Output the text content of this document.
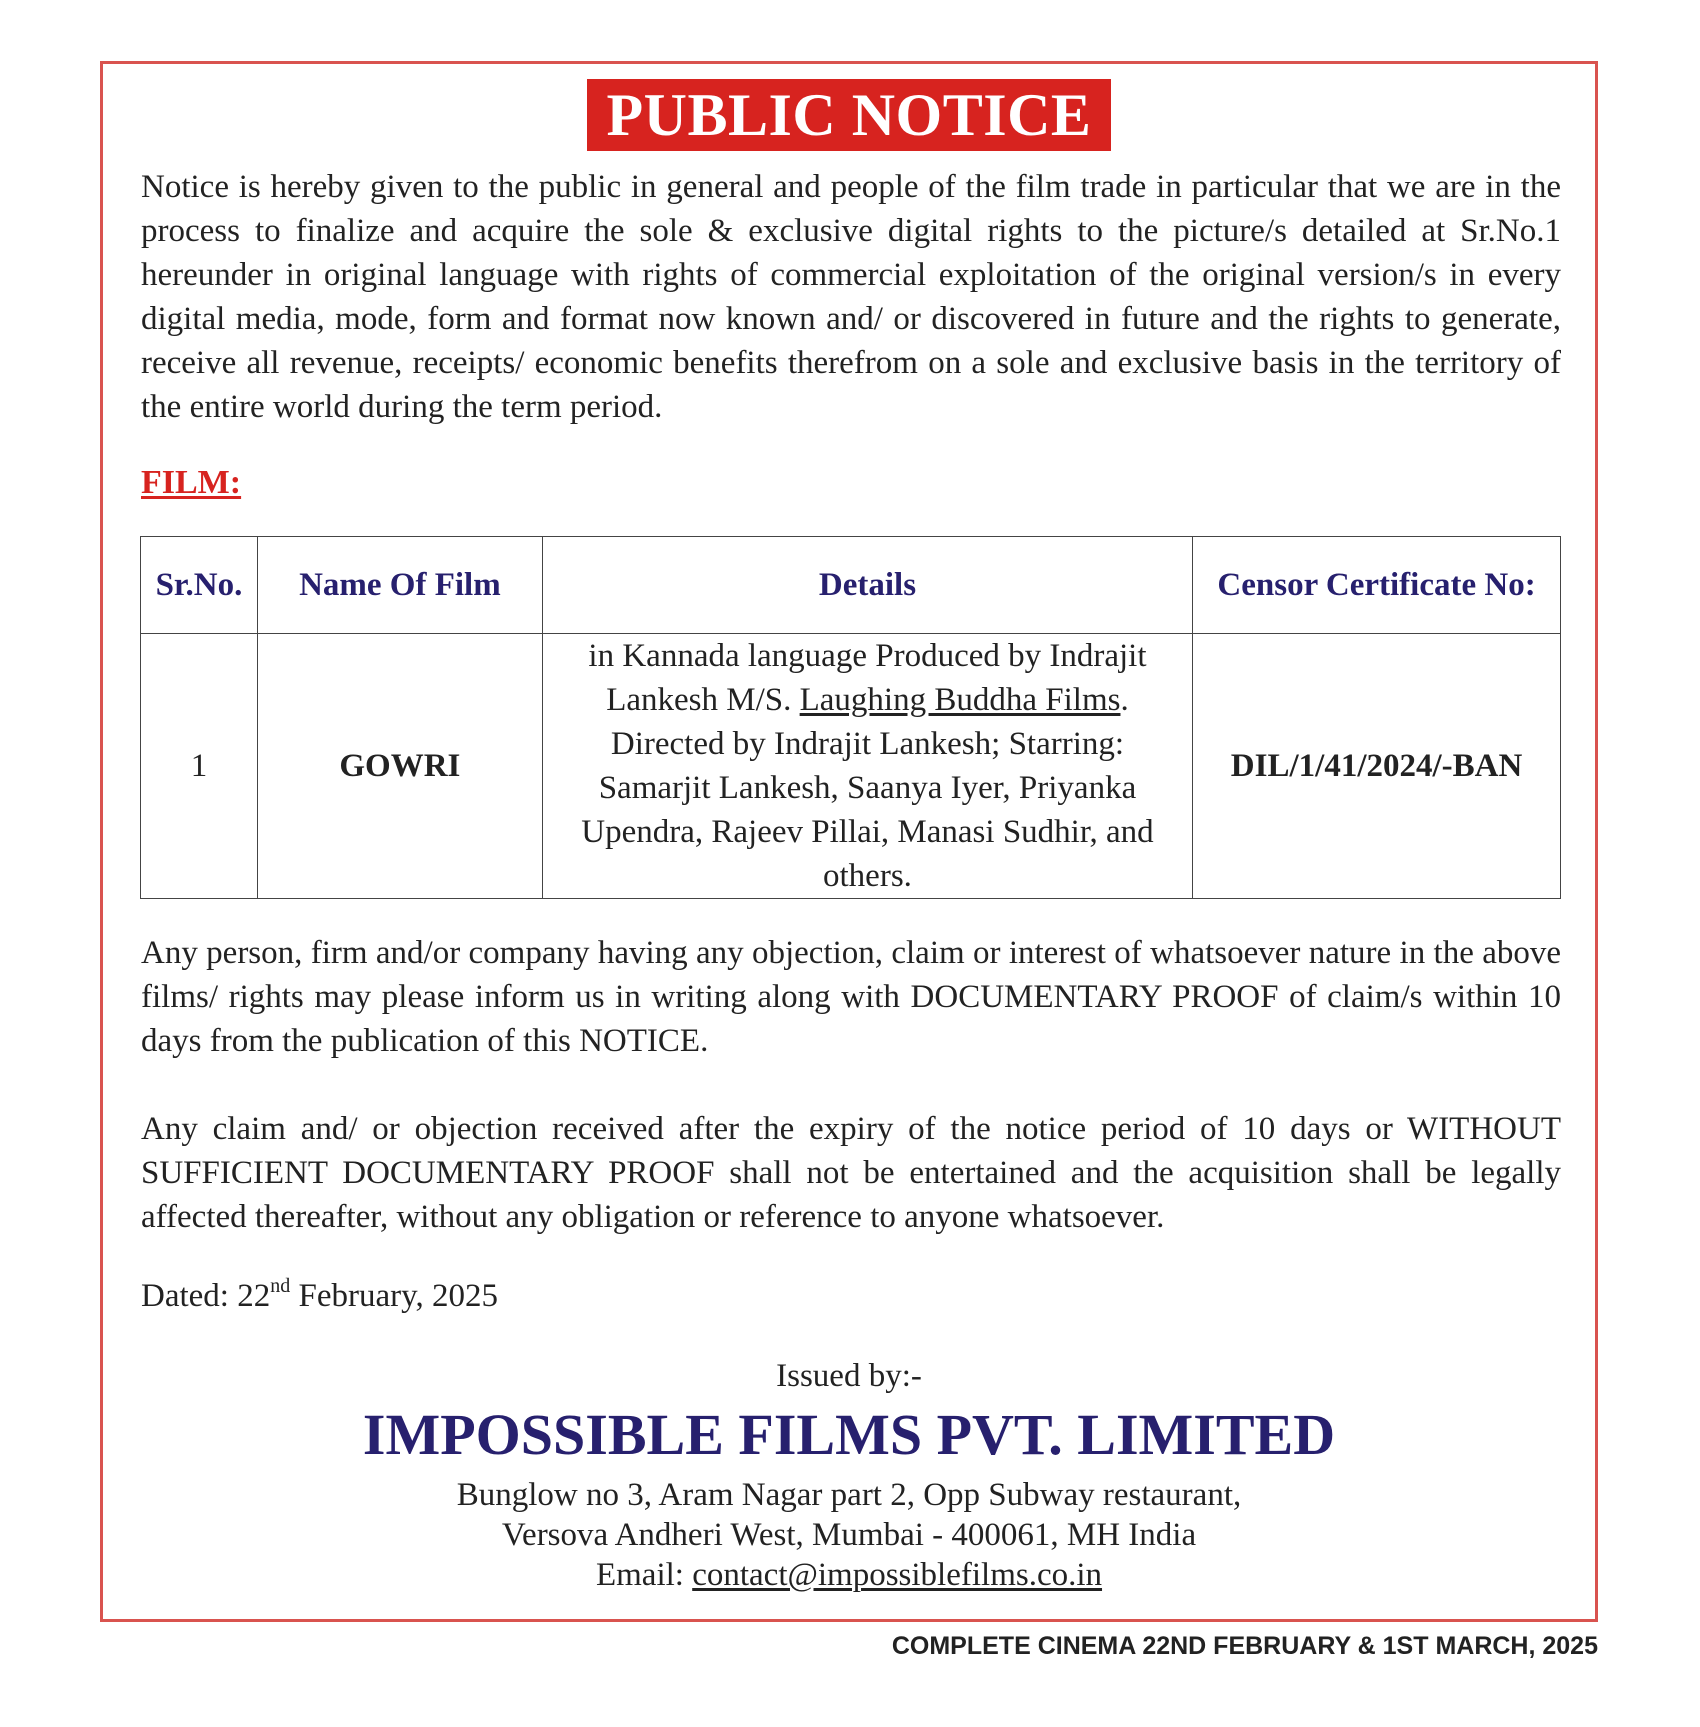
PUBLIC NOTICE
Notice is hereby given to the public in general and people of the film trade in particular that we are in the process to finalize and acquire the sole & exclusive digital rights to the picture/s detailed at Sr.No.1 hereunder in original language with rights of commercial exploitation of the original version/s in every digital media, mode, form and format now known and/ or discovered in future and the rights to generate, receive all revenue, receipts/ economic benefits therefrom on a sole and exclusive basis in the territory of the entire world during the term period.
FILM:
Sr.No.	Name Of Film	Details	Censor Certificate No:
1	GOWRI	in Kannada language Produced by Indrajit Lankesh M/S. Laughing Buddha Films. Directed by Indrajit Lankesh; Starring: Samarjit Lankesh, Saanya Iyer, Priyanka Upendra, Rajeev Pillai, Manasi Sudhir, and others.	DIL/1/41/2024/-BAN
Any person, firm and/or company having any objection, claim or interest of whatsoever nature in the above films/ rights may please inform us in writing along with DOCUMENTARY PROOF of claim/s within 10 days from the publication of this NOTICE.
Any claim and/ or objection received after the expiry of the notice period of 10 days or WITHOUT SUFFICIENT DOCUMENTARY PROOF shall not be entertained and the acquisition shall be legally affected thereafter, without any obligation or reference to anyone whatsoever.
Dated: 22nd February, 2025
Issued by:-
IMPOSSIBLE FILMS PVT. LIMITED
Bunglow no 3, Aram Nagar part 2, Opp Subway restaurant,
Versova Andheri West, Mumbai - 400061, MH India
Email: contact@impossiblefilms.co.in
COMPLETE CINEMA 22ND FEBRUARY & 1ST MARCH, 2025
